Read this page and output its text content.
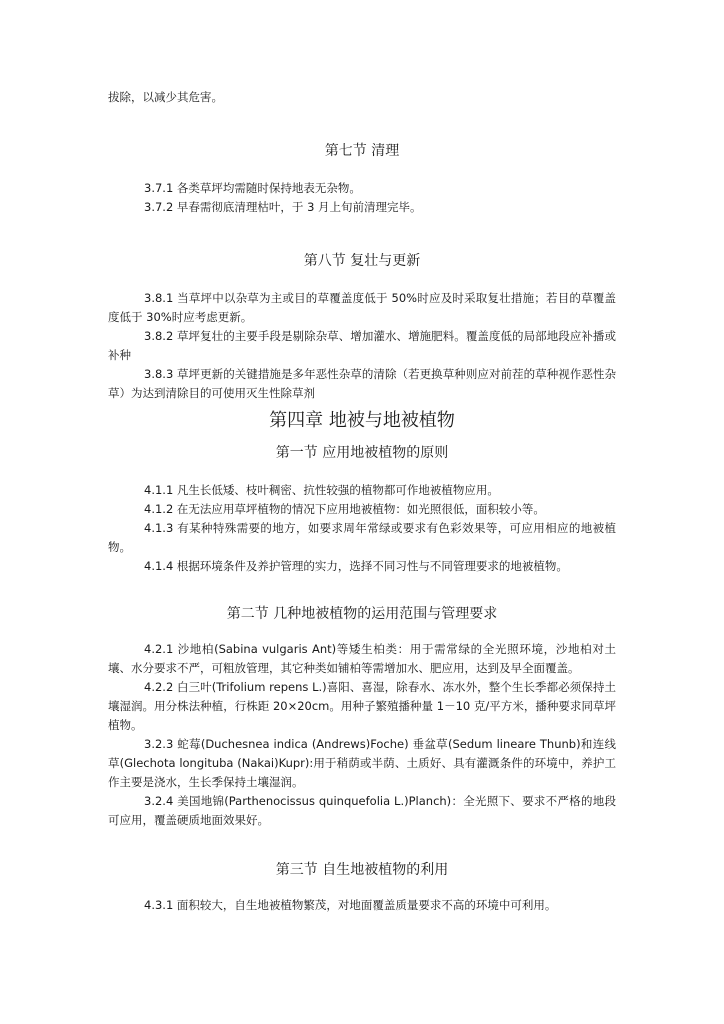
拔除，以减少其危害。

第七节 清理

3.7.1 各类草坪均需随时保持地表无杂物。

3.7.2 早春需彻底清理枯叶，于 3 月上旬前清理完毕。

第八节 复壮与更新

3.8.1 当草坪中以杂草为主或目的草覆盖度低于 50%时应及时采取复壮措施；若目的草覆盖度低于 30%时应考虑更新。

3.8.2 草坪复壮的主要手段是剔除杂草、增加灌水、增施肥料。覆盖度低的局部地段应补播或补种

3.8.3 草坪更新的关键措施是多年恶性杂草的清除（若更换草种则应对前茬的草种视作恶性杂草）为达到清除目的可使用灭生性除草剂

第四章 地被与地被植物
第一节 应用地被植物的原则

4.1.1 凡生长低矮、枝叶稠密、抗性较强的植物都可作地被植物应用。

4.1.2 在无法应用草坪植物的情况下应用地被植物：如光照很低，面积较小等。

4.1.3 有某种特殊需要的地方，如要求周年常绿或要求有色彩效果等，可应用相应的地被植物。

4.1.4 根据环境条件及养护管理的实力，选择不同习性与不同管理要求的地被植物。

第二节 几种地被植物的运用范围与管理要求

4.2.1 沙地柏(Sabina vulgaris Ant)等矮生柏类：用于需常绿的全光照环境，沙地柏对土壤、水分要求不严，可粗放管理，其它种类如铺柏等需增加水、肥应用，达到及早全面覆盖。

4.2.2 白三叶(Trifolium repens L.)喜阳、喜湿，除春水、冻水外，整个生长季都必须保持土壤湿润。用分株法种植，行株距 20×20cm。用种子繁殖播种量 1－10 克/平方米，播种要求同草坪植物。

3.2.3 蛇莓(Duchesnea indica (Andrews)Foche) 垂盆草(Sedum lineare Thunb)和连线草(Glechota longituba (Nakai)Kupr):用于稍荫或半荫、土质好、具有灌溉条件的环境中，养护工作主要是浇水，生长季保持土壤湿润。

3.2.4 美国地锦(Parthenocissus quinquefolia L.)Planch)：全光照下、要求不严格的地段可应用，覆盖硬质地面效果好。

第三节 自生地被植物的利用

4.3.1 面积较大，自生地被植物繁茂，对地面覆盖质量要求不高的环境中可利用。
